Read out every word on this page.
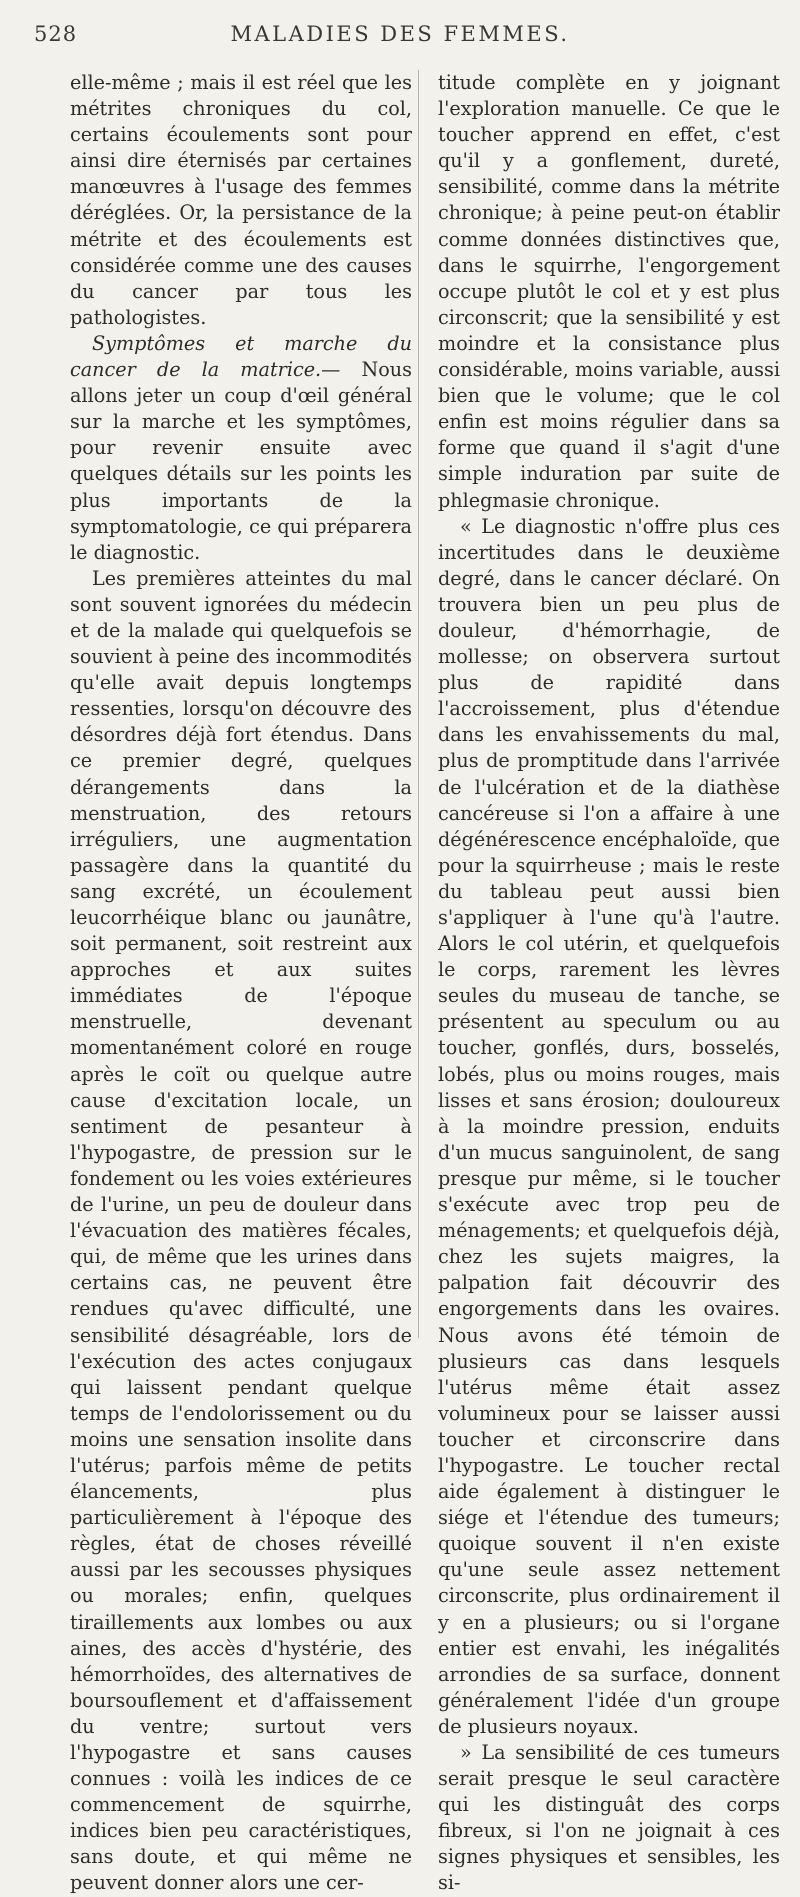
528	MALADIES DES FEMMES.

elle-même ; mais il est réel que les métrites chroniques du col, certains écoulements sont pour ainsi dire éternisés par certaines manœuvres à l'usage des femmes déréglées. Or, la persistance de la métrite et des écoulements est considérée comme une des causes du cancer par tous les pathologistes.

Symptômes et marche du cancer de la matrice.— Nous allons jeter un coup d'œil général sur la marche et les symptômes, pour revenir ensuite avec quelques détails sur les points les plus importants de la symptomatologie, ce qui préparera le diagnostic.

Les premières atteintes du mal sont souvent ignorées du médecin et de la malade qui quelquefois se souvient à peine des incommodités qu'elle avait depuis longtemps ressenties, lorsqu'on découvre des désordres déjà fort étendus. Dans ce premier degré, quelques dérangements dans la menstruation, des retours irréguliers, une augmentation passagère dans la quantité du sang excrété, un écoulement leucorrhéique blanc ou jaunâtre, soit permanent, soit restreint aux approches et aux suites immédiates de l'époque menstruelle, devenant momentanément coloré en rouge après le coït ou quelque autre cause d'excitation locale, un sentiment de pesanteur à l'hypogastre, de pression sur le fondement ou les voies extérieures de l'urine, un peu de douleur dans l'évacuation des matières fécales, qui, de même que les urines dans certains cas, ne peuvent être rendues qu'avec difficulté, une sensibilité désagréable, lors de l'exécution des actes conjugaux qui laissent pendant quelque temps de l'endolorissement ou du moins une sensation insolite dans l'utérus; parfois même de petits élancements, plus particulièrement à l'époque des règles, état de choses réveillé aussi par les secousses physiques ou morales; enfin, quelques tiraillements aux lombes ou aux aines, des accès d'hystérie, des hémorrhoïdes, des alternatives de boursouflement et d'affaissement du ventre; surtout vers l'hypogastre et sans causes connues : voilà les indices de ce commencement de squirrhe, indices bien peu caractéristiques, sans doute, et qui même ne peuvent donner alors une cer-

titude complète en y joignant l'exploration manuelle. Ce que le toucher apprend en effet, c'est qu'il y a gonflement, dureté, sensibilité, comme dans la métrite chronique; à peine peut-on établir comme données distinctives que, dans le squirrhe, l'engorgement occupe plutôt le col et y est plus circonscrit; que la sensibilité y est moindre et la consistance plus considérable, moins variable, aussi bien que le volume; que le col enfin est moins régulier dans sa forme que quand il s'agit d'une simple induration par suite de phlegmasie chronique.

« Le diagnostic n'offre plus ces incertitudes dans le deuxième degré, dans le cancer déclaré. On trouvera bien un peu plus de douleur, d'hémorrhagie, de mollesse; on observera surtout plus de rapidité dans l'accroissement, plus d'étendue dans les envahissements du mal, plus de promptitude dans l'arrivée de l'ulcération et de la diathèse cancéreuse si l'on a affaire à une dégénérescence encéphaloïde, que pour la squirrheuse ; mais le reste du tableau peut aussi bien s'appliquer à l'une qu'à l'autre. Alors le col utérin, et quelquefois le corps, rarement les lèvres seules du museau de tanche, se présentent au speculum ou au toucher, gonflés, durs, bosselés, lobés, plus ou moins rouges, mais lisses et sans érosion; douloureux à la moindre pression, enduits d'un mucus sanguinolent, de sang presque pur même, si le toucher s'exécute avec trop peu de ménagements; et quelquefois déjà, chez les sujets maigres, la palpation fait découvrir des engorgements dans les ovaires. Nous avons été témoin de plusieurs cas dans lesquels l'utérus même était assez volumineux pour se laisser aussi toucher et circonscrire dans l'hypogastre. Le toucher rectal aide également à distinguer le siége et l'étendue des tumeurs; quoique souvent il n'en existe qu'une seule assez nettement circonscrite, plus ordinairement il y en a plusieurs; ou si l'organe entier est envahi, les inégalités arrondies de sa surface, donnent généralement l'idée d'un groupe de plusieurs noyaux.

» La sensibilité de ces tumeurs serait presque le seul caractère qui les distinguât des corps fibreux, si l'on ne joignait à ces signes physiques et sensibles, les si-
